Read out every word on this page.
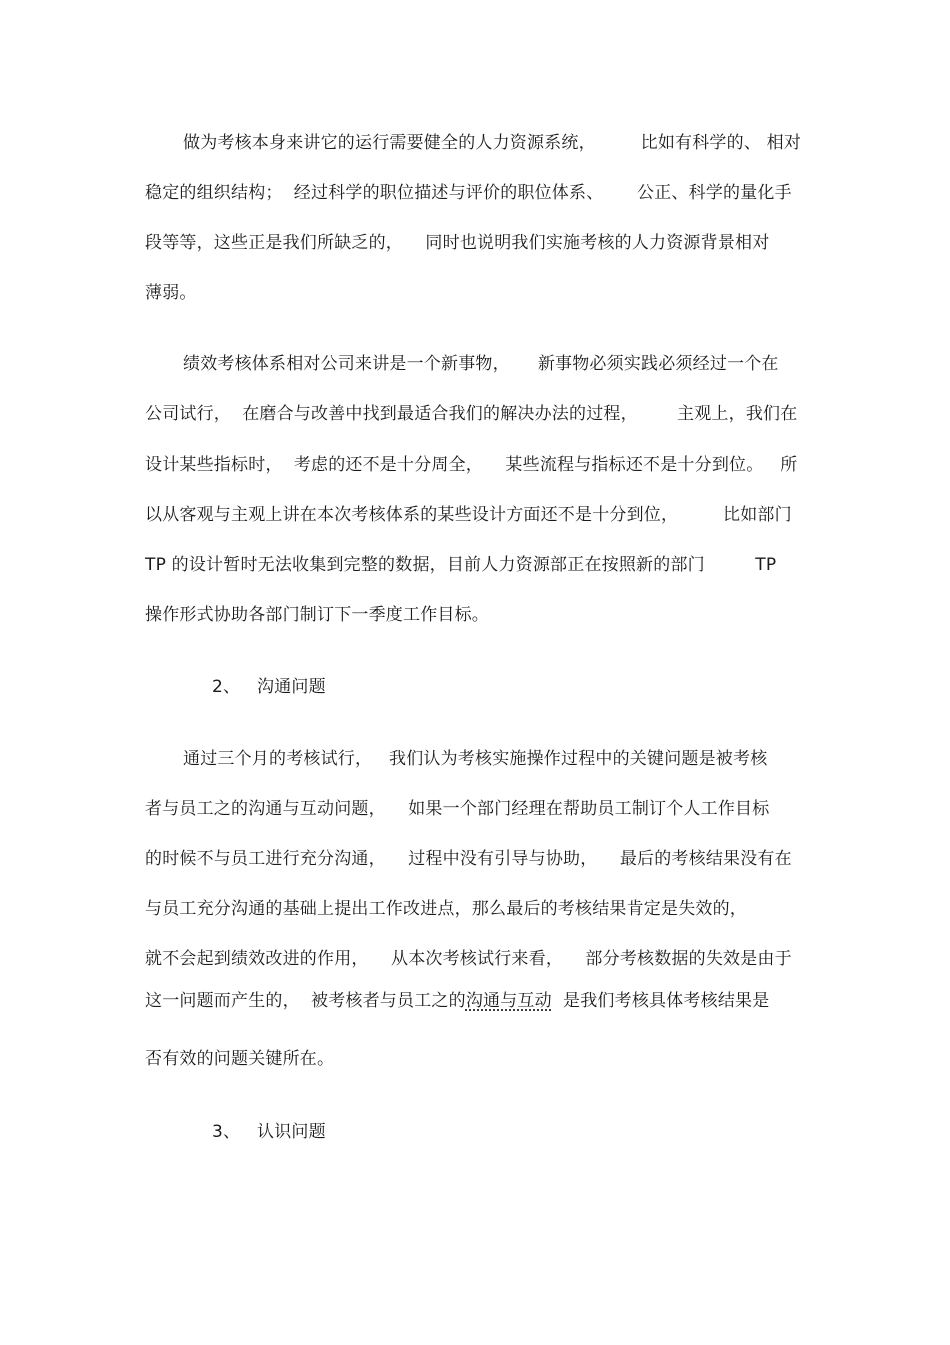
做为考核本身来讲它的运行需要健全的人力资源系统，        比如有科学的、 相对
稳定的组织结构；  经过科学的职位描述与评价的职位体系、      公正、科学的量化手
段等等，这些正是我们所缺乏的，    同时也说明我们实施考核的人力资源背景相对
薄弱。
绩效考核体系相对公司来讲是一个新事物，     新事物必须实践必须经过一个在
公司试行，  在磨合与改善中找到最适合我们的解决办法的过程，       主观上，我们在
设计某些指标时，  考虑的还不是十分周全，    某些流程与指标还不是十分到位。   所
以从客观与主观上讲在本次考核体系的某些设计方面还不是十分到位，        比如部门
TP 的设计暂时无法收集到完整的数据，目前人力资源部正在按照新的部门         TP
操作形式协助各部门制订下一季度工作目标。
2、   沟通问题
通过三个月的考核试行，   我们认为考核实施操作过程中的关键问题是被考核
者与员工之的沟通与互动问题，    如果一个部门经理在帮助员工制订个人工作目标
的时候不与员工进行充分沟通，    过程中没有引导与协助，    最后的考核结果没有在
与员工充分沟通的基础上提出工作改进点，那么最后的考核结果肯定是失效的，
就不会起到绩效改进的作用，    从本次考核试行来看，    部分考核数据的失效是由于
这一问题而产生的，  被考核者与员工之的沟通与互动  是我们考核具体考核结果是
否有效的问题关键所在。
3、   认识问题
